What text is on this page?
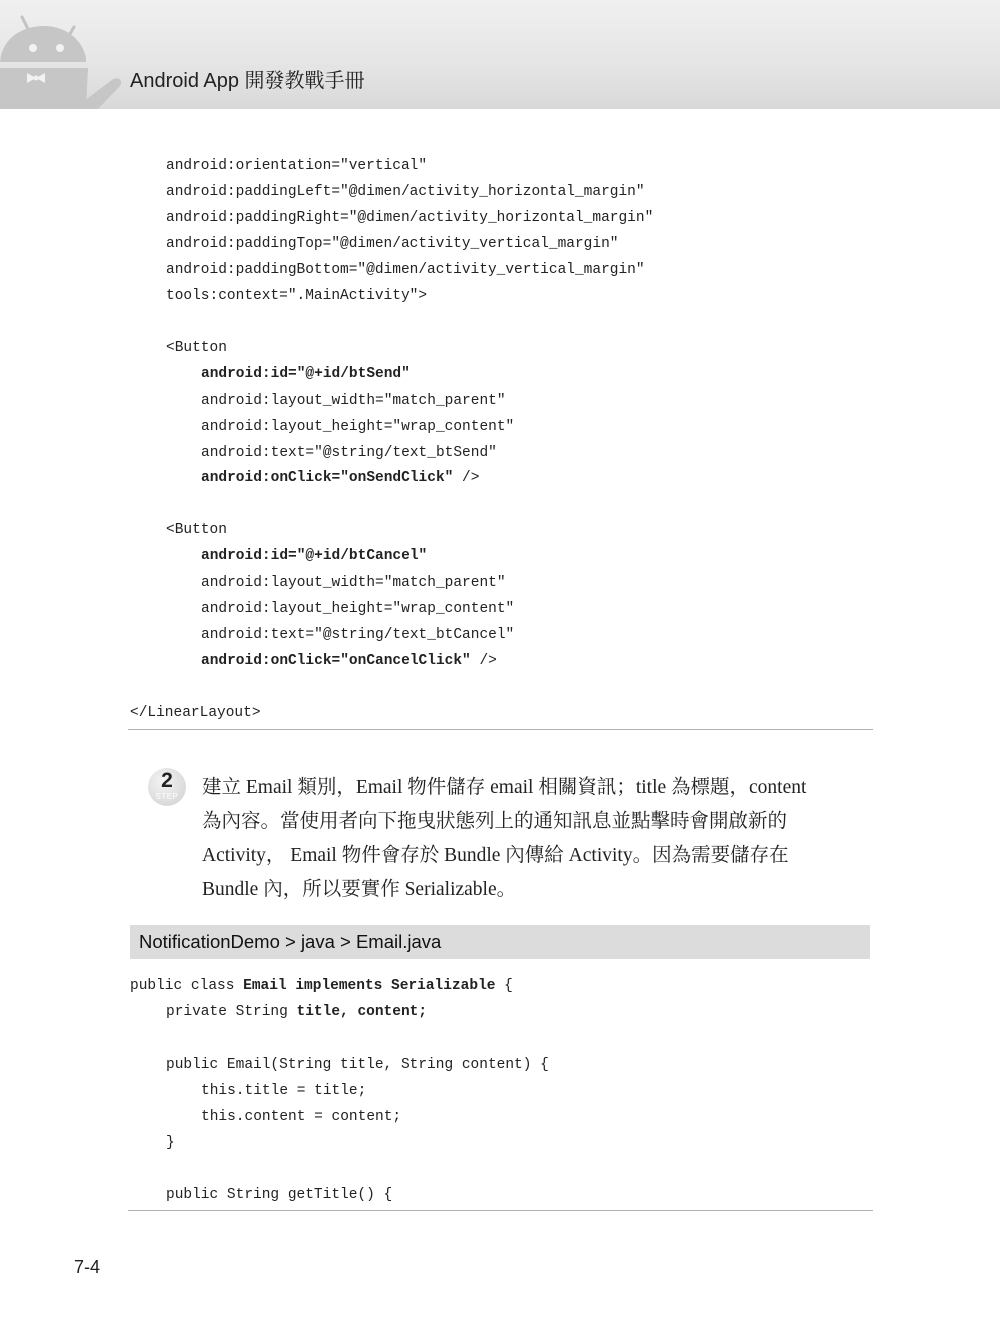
Android App 開發教戰手冊
android:orientation="vertical"
android:paddingLeft="@dimen/activity_horizontal_margin"
android:paddingRight="@dimen/activity_horizontal_margin"
android:paddingTop="@dimen/activity_vertical_margin"
android:paddingBottom="@dimen/activity_vertical_margin"
tools:context=".MainActivity">
<Button
android:id="@+id/btSend"
android:layout_width="match_parent"
android:layout_height="wrap_content"
android:text="@string/text_btSend"
android:onClick="onSendClick" />
<Button
android:id="@+id/btCancel"
android:layout_width="match_parent"
android:layout_height="wrap_content"
android:text="@string/text_btCancel"
android:onClick="onCancelClick" />
</LinearLayout>
2
STEP	建立 Email 類別，Email 物件儲存 email 相關資訊；title 為標題，content

為內容。當使用者向下拖曳狀態列上的通知訊息並點擊時會開啟新的

Activity， Email 物件會存於 Bundle 內傳給 Activity。因為需要儲存在

Bundle 內，所以要實作 Serializable。

NotificationDemo > java > Email.java
public class Email implements Serializable {
private String title, content;
public Email(String title, String content) {
this.title = title;
this.content = content;
}
public String getTitle() {
7-4
